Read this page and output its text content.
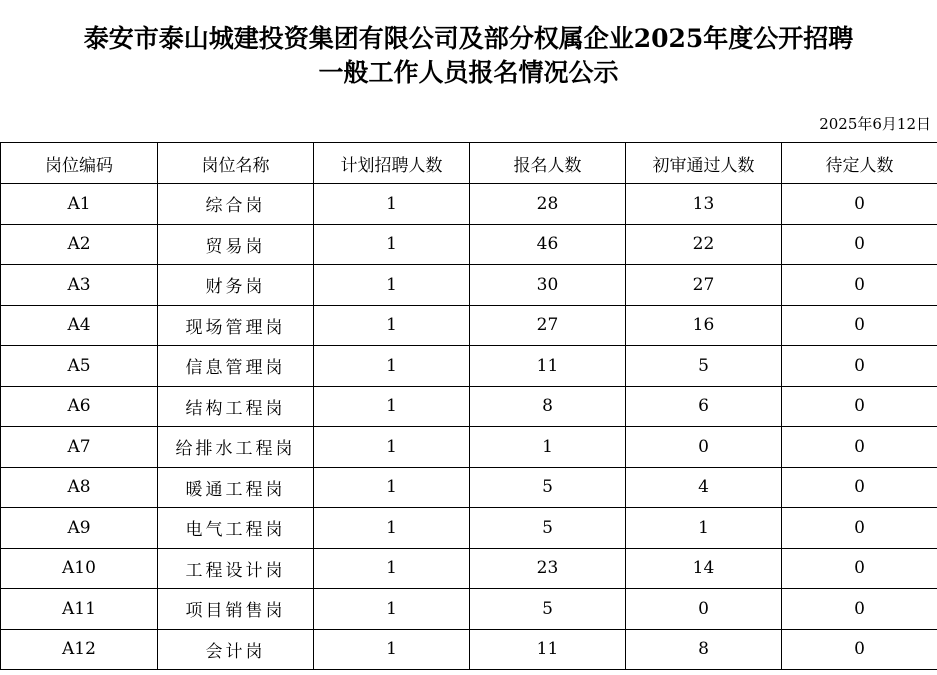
泰安市泰山城建投资集团有限公司及部分权属企业2025年度公开招聘
一般工作人员报名情况公示
2025年6月12日
岗位编码	岗位名称	计划招聘人数	报名人数	初审通过人数	待定人数
A1	综合岗	1	28	13	0
A2	贸易岗	1	46	22	0
A3	财务岗	1	30	27	0
A4	现场管理岗	1	27	16	0
A5	信息管理岗	1	11	5	0
A6	结构工程岗	1	8	6	0
A7	给排水工程岗	1	1	0	0
A8	暖通工程岗	1	5	4	0
A9	电气工程岗	1	5	1	0
A10	工程设计岗	1	23	14	0
A11	项目销售岗	1	5	0	0
A12	会计岗	1	11	8	0
